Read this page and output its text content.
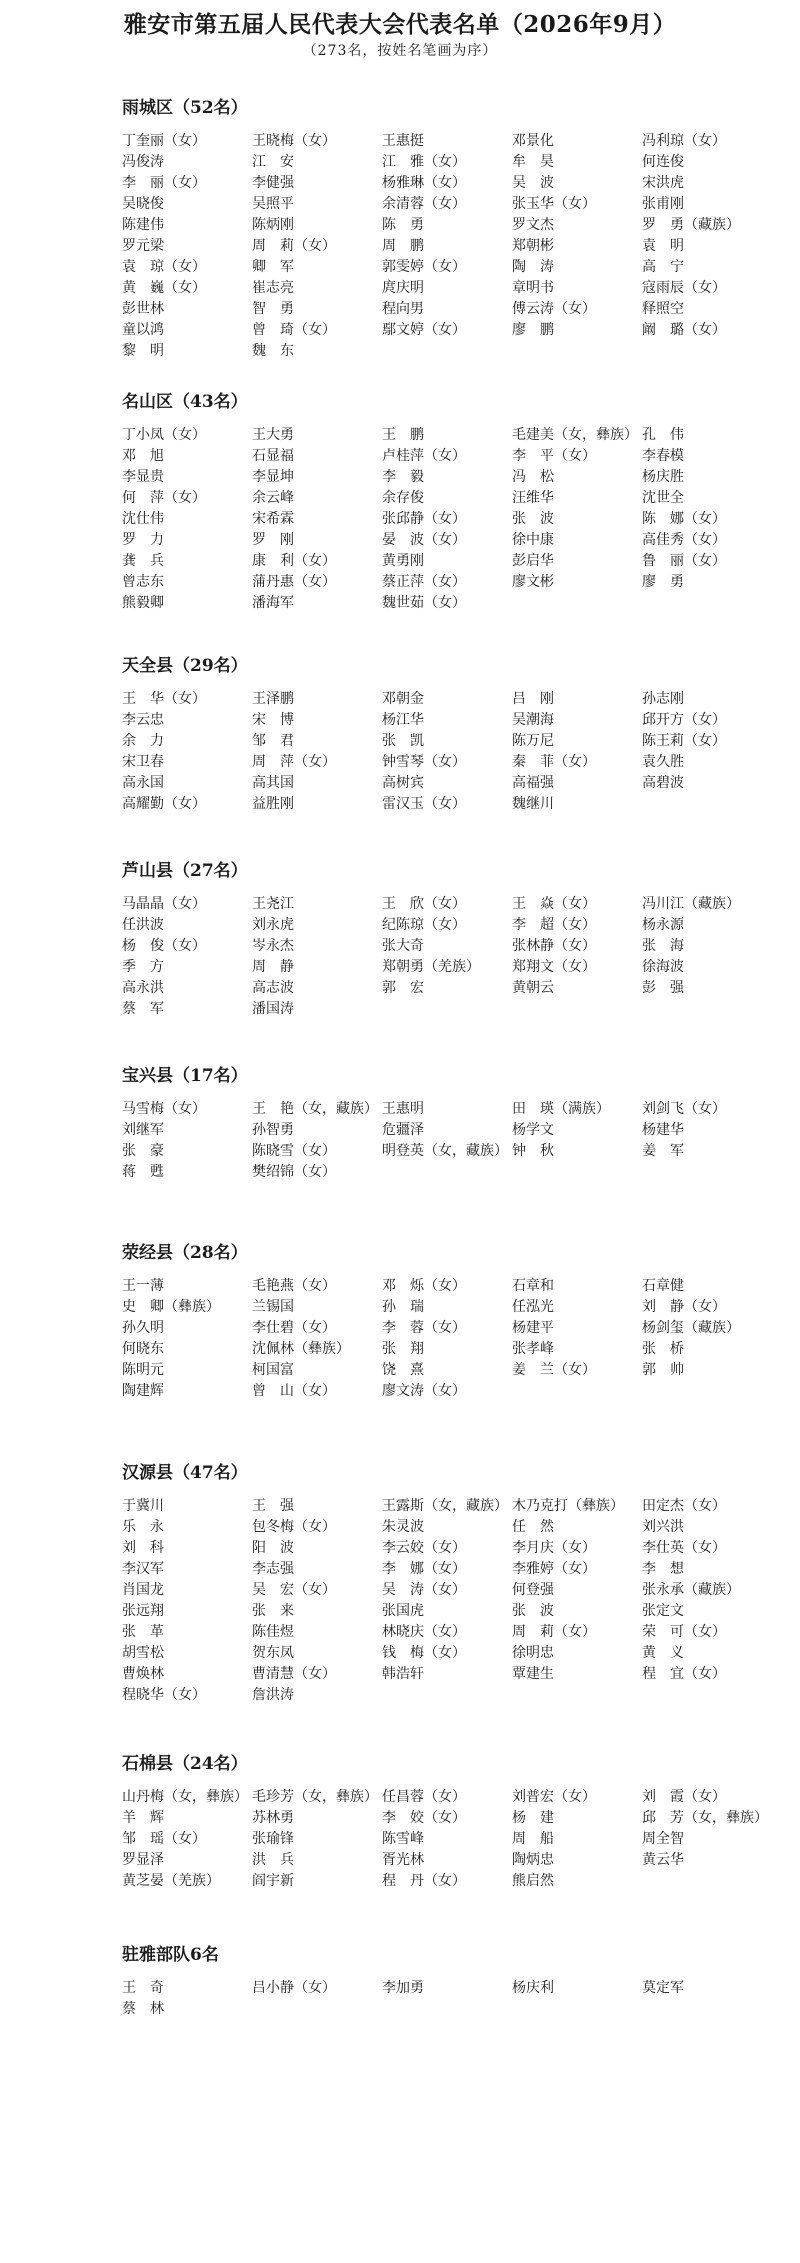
雅安市第五届人民代表大会代表名单（2026年9月）
（273名，按姓名笔画为序）
雨城区（52名）
丁奎丽（女）	王晓梅（女）	王惠挺	邓景化	冯利琼（女）
冯俊涛	江　安	江　雅（女）	牟　昊	何连俊
李　丽（女）	李健强	杨雅琳（女）	吴　波	宋洪虎
吴晓俊	吴照平	余清蓉（女）	张玉华（女）	张甫刚
陈建伟	陈炳刚	陈　勇	罗文杰	罗　勇（藏族）
罗元梁	周　莉（女）	周　鹏	郑朝彬	袁　明
袁　琼（女）	卿　军	郭雯婷（女）	陶　涛	高　宁
黄　巍（女）	崔志亮	庹庆明	章明书	寇雨辰（女）
彭世林	智　勇	程向男	傅云涛（女）	释照空
童以鸿	曾　琦（女）	鄢文婷（女）	廖　鹏	阚　璐（女）
黎　明	魏　东
名山区（43名）
丁小凤（女）	王大勇	王　鹏	毛建美（女，彝族） 孔　伟
邓　旭	石显福	卢桂萍（女）	李　平（女）	李春模
李显贵	李显坤	李　毅	冯　松	杨庆胜
何　萍（女）	余云峰	余存俊	汪维华	沈世全
沈仕伟	宋希霖	张邱静（女）	张　波	陈　娜（女）
罗　力	罗　刚	晏　波（女）	徐中康	高佳秀（女）
龚　兵	康　利（女）	黄勇刚	彭启华	鲁　丽（女）
曾志东	蒲丹惠（女）	蔡正萍（女）	廖文彬	廖　勇
熊毅卿	潘海军	魏世茹（女）
天全县（29名）
王　华（女）	王泽鹏	邓朝金	吕　刚	孙志刚
李云忠	宋　博	杨江华	吴潮海	邱开方（女）
余　力	邹　君	张　凯	陈万尼	陈王莉（女）
宋卫春	周　萍（女）	钟雪琴（女）	秦　菲（女）	袁久胜
高永国	高其国	高树宾	高福强	高碧波
高耀勤（女）	益胜刚	雷汉玉（女）	魏继川
芦山县（27名）
马晶晶（女）	王尧江	王　欣（女）	王　焱（女）	冯川江（藏族）
任洪波	刘永虎	纪陈琼（女）	李　超（女）	杨永源
杨　俊（女）	岑永杰	张大奇	张林静（女）	张　海
季　方	周　静	郑朝勇（羌族）	郑翔文（女）	徐海波
高永洪	高志波	郭　宏	黄朝云	彭　强
蔡　军	潘国涛
宝兴县（17名）
马雪梅（女）	王　艳（女，藏族） 王惠明	田　瑛（满族）	刘剑飞（女）
刘继军	孙智勇	危疆泽	杨学文	杨建华
张　豪	陈晓雪（女）	明登英（女，藏族） 钟　秋	姜　军
蒋　甦	樊绍锦（女）
荥经县（28名）
王一薄	毛艳燕（女）	邓　烁（女）	石章和	石章健
史　卿（彝族）	兰锡国	孙　瑞	任泓光	刘　静（女）
孙久明	李仕碧（女）	李　蓉（女）	杨建平	杨剑玺（藏族）
何晓东	沈佩林（彝族）	张　翔	张孝峰	张　桥
陈明元	柯国富	饶　熹	姜　兰（女）	郭　帅
陶建辉	曾　山（女）	廖文涛（女）
汉源县（47名）
于冀川	王　强	王露斯（女，藏族） 木乃克打（彝族）	田定杰（女）
乐　永	包冬梅（女）	朱灵波	任　然	刘兴洪
刘　科	阳　波	李云姣（女）	李月庆（女）	李仕英（女）
李汉军	李志强	李　娜（女）	李雅婷（女）	李　想
肖国龙	吴　宏（女）	吴　涛（女）	何登强	张永承（藏族）
张远翔	张　来	张国虎	张　波	张定文
张　革	陈佳煜	林晓庆（女）	周　莉（女）	荣　可（女）
胡雪松	贺东凤	钱　梅（女）	徐明忠	黄　义
曹焕林	曹清慧（女）	韩浩轩	覃建生	程　宜（女）
程晓华（女）	詹洪涛
石棉县（24名）
山丹梅（女，彝族） 毛珍芳（女，彝族） 任昌蓉（女）	刘普宏（女）	刘　霞（女）
羊　辉	苏林勇	李　姣（女）	杨　建	邱　芳（女，彝族）
邹　瑶（女）	张瑜锋	陈雪峰	周　船	周全智
罗显泽	洪　兵	胥光林	陶炳忠	黄云华
黄芝晏（羌族）	阎宇新	程　丹（女）	熊启然
驻雅部队6名
王　奇	吕小静（女）	李加勇	杨庆利	莫定军
蔡　林
